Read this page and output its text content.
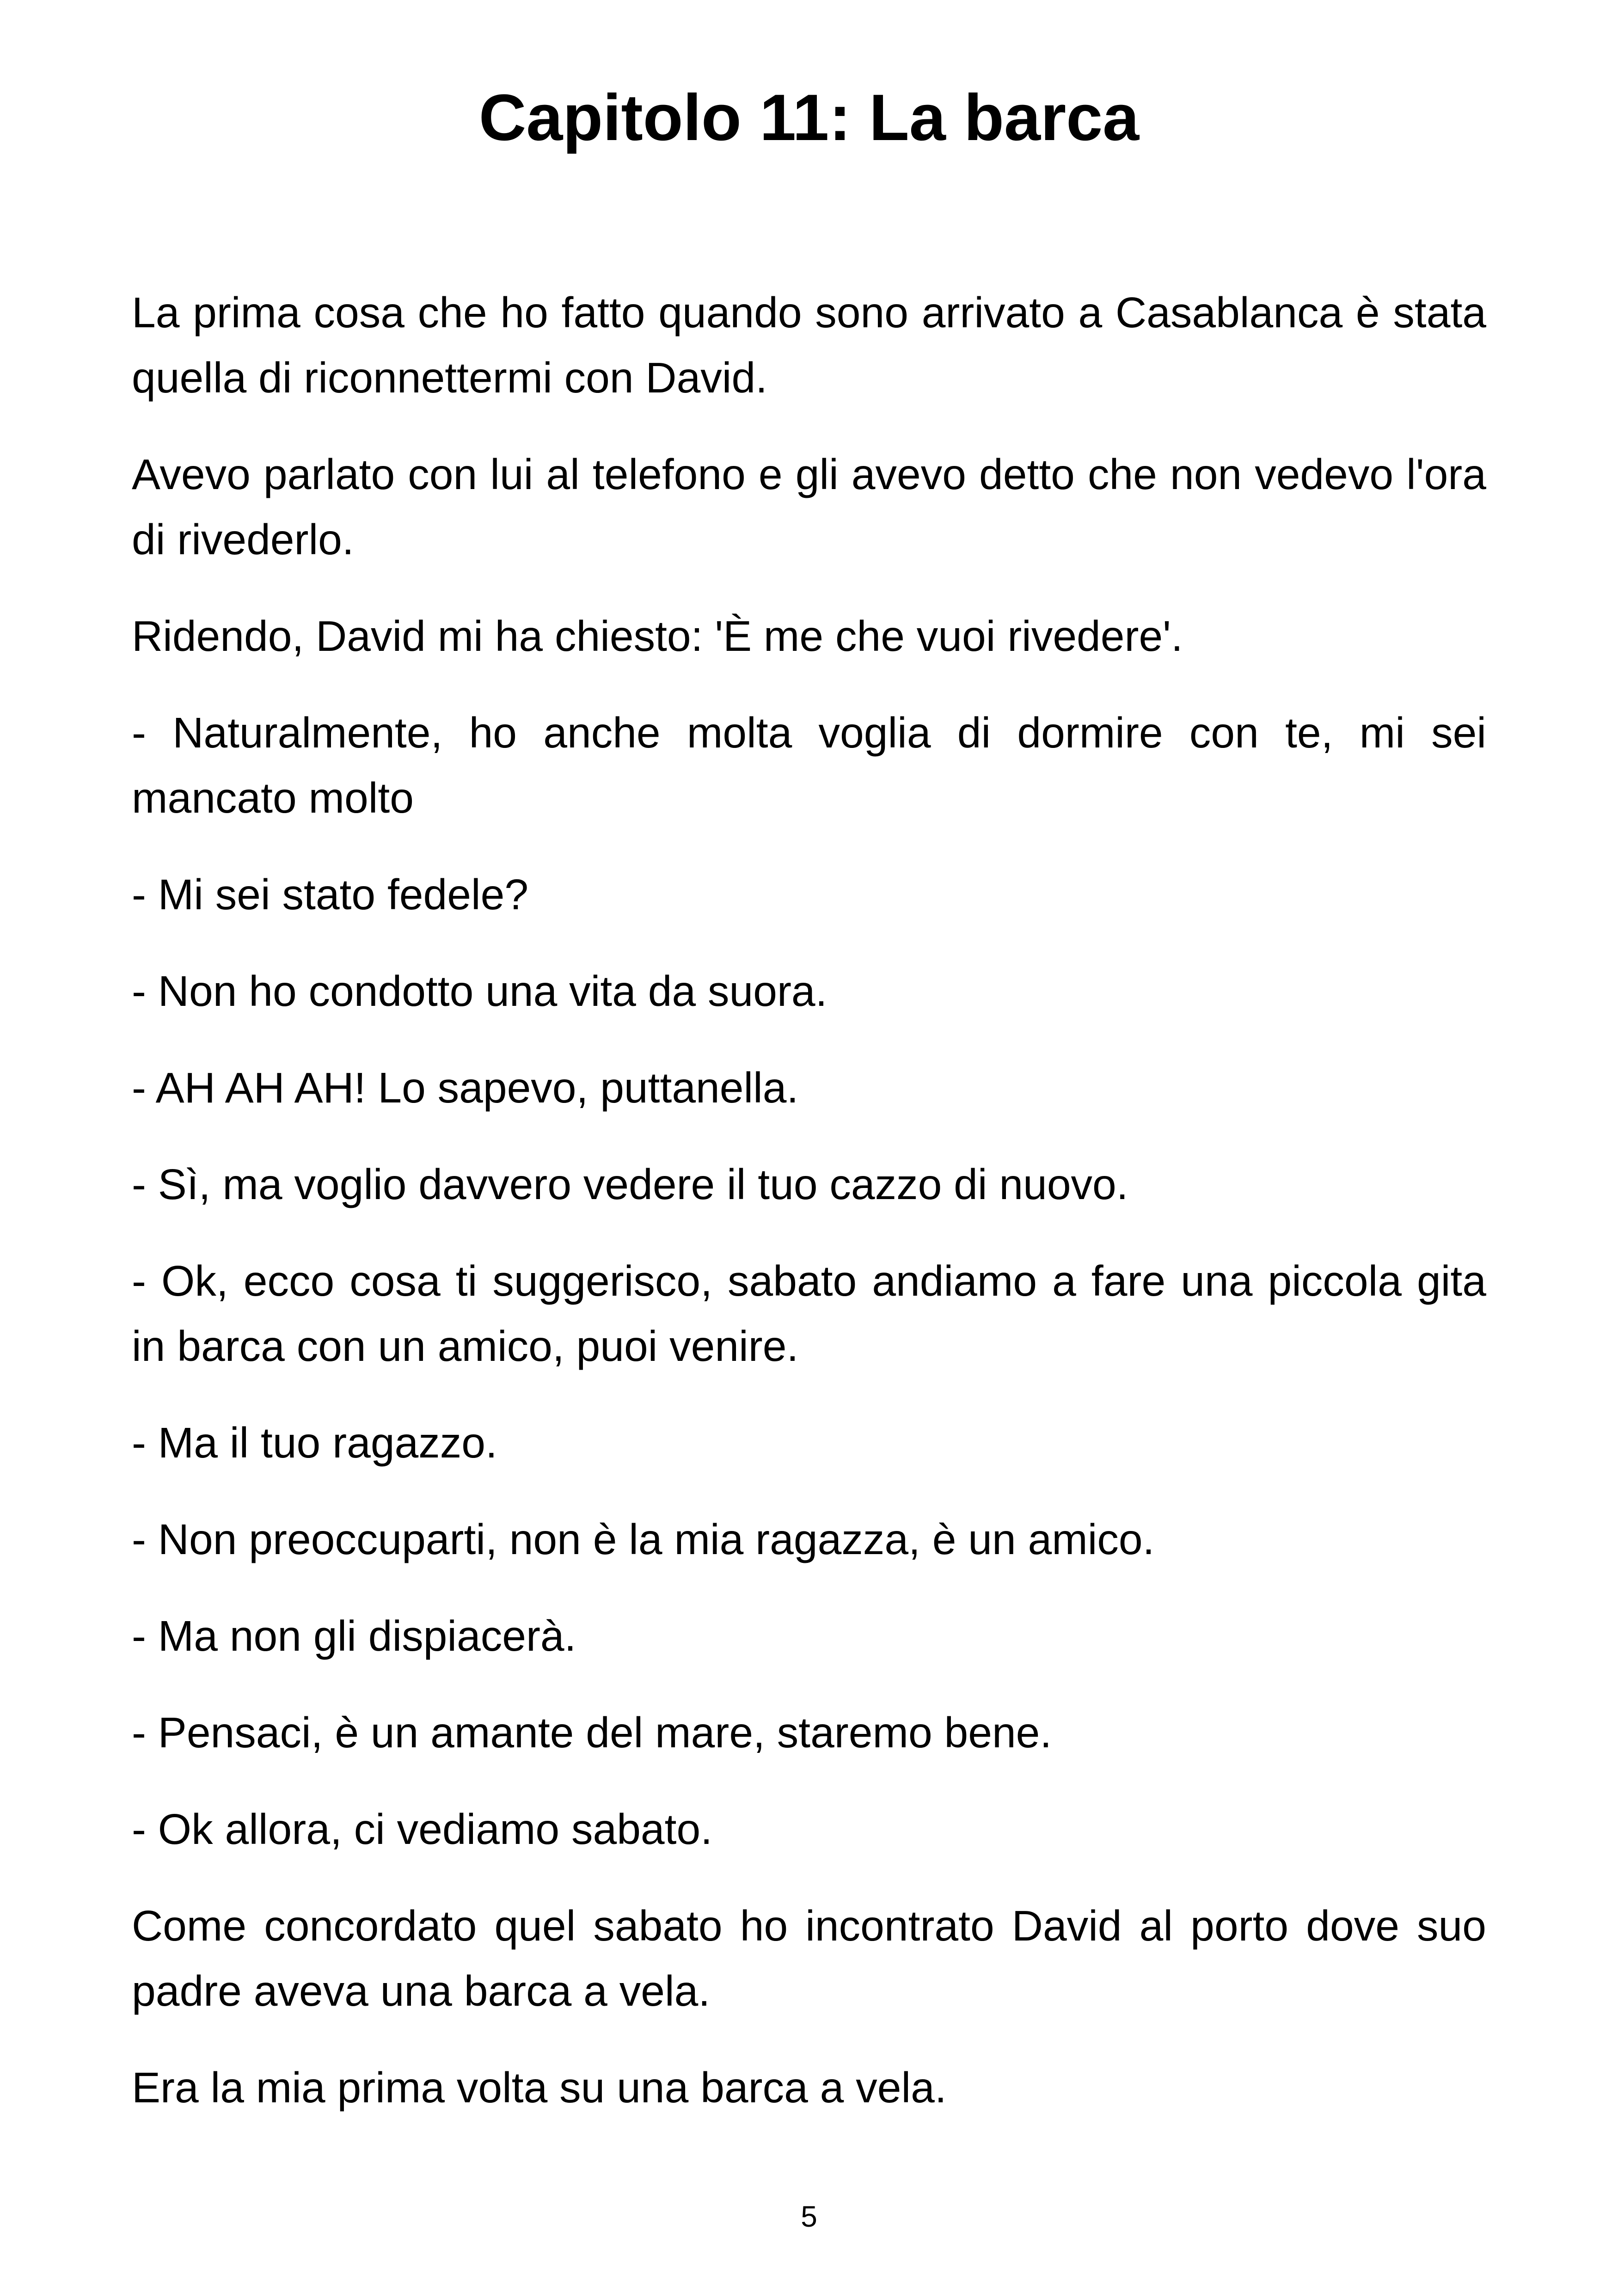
Capitolo 11: La barca

La prima cosa che ho fatto quando sono arrivato a Casablanca è stata quella di riconnettermi con David.

Avevo parlato con lui al telefono e gli avevo detto che non vedevo l'ora di rivederlo.

Ridendo, David mi ha chiesto: 'È me che vuoi rivedere'.

- Naturalmente, ho anche molta voglia di dormire con te, mi sei mancato molto

- Mi sei stato fedele?

- Non ho condotto una vita da suora.

- AH AH AH! Lo sapevo, puttanella.

- Sì, ma voglio davvero vedere il tuo cazzo di nuovo.

- Ok, ecco cosa ti suggerisco, sabato andiamo a fare una piccola gita in barca con un amico, puoi venire.

- Ma il tuo ragazzo.

- Non preoccuparti, non è la mia ragazza, è un amico.

- Ma non gli dispiacerà.

- Pensaci, è un amante del mare, staremo bene.

- Ok allora, ci vediamo sabato.

Come concordato quel sabato ho incontrato David al porto dove suo padre aveva una barca a vela.

Era la mia prima volta su una barca a vela.

5
